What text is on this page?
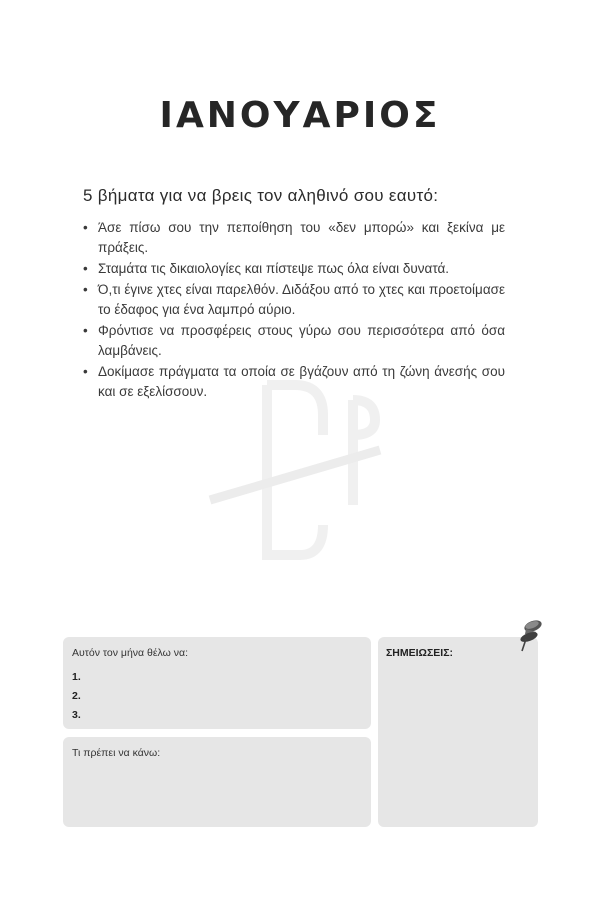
ΙΑΝΟΥΑΡΙΟΣ
5 βήματα για να βρεις τον αληθινό σου εαυτό:
• Άσε πίσω σου την πεποίθηση του «δεν μπορώ» και ξεκίνα με πράξεις.
• Σταμάτα τις δικαιολογίες και πίστεψε πως όλα είναι δυνατά.
• Ό,τι έγινε χτες είναι παρελθόν. Διδάξου από το χτες και προετοίμασε το έδαφος για ένα λαμπρό αύριο.
• Φρόντισε να προσφέρεις στους γύρω σου περισσότερα από όσα λαμβάνεις.
• Δοκίμασε πράγματα τα οποία σε βγάζουν από τη ζώνη άνεσής σου και σε εξελίσσουν.
Αυτόν τον μήνα θέλω να:
1.
2.
3.
Τι πρέπει να κάνω:
ΣΗΜΕΙΩΣΕΙΣ:
